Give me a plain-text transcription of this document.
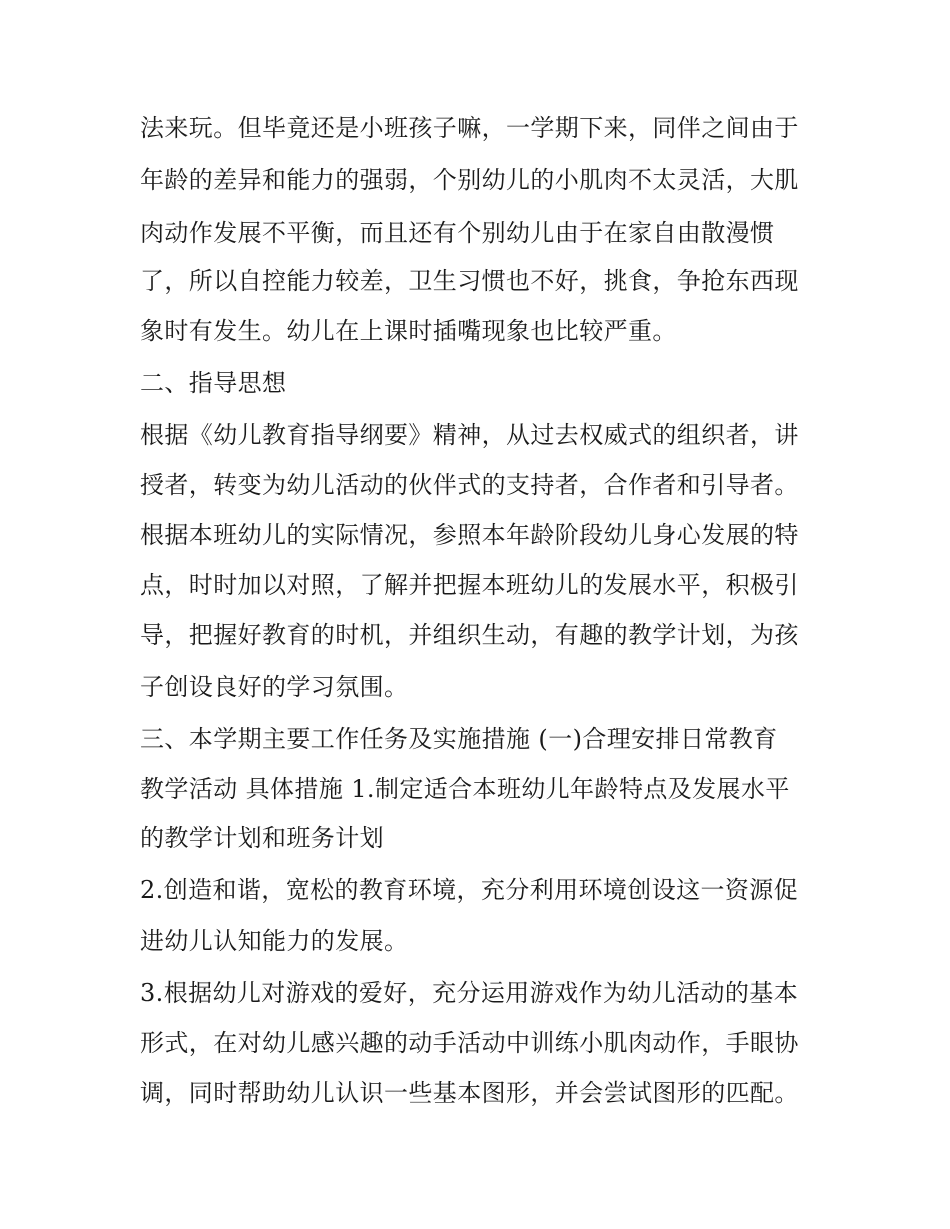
法来玩。但毕竟还是小班孩子嘛，一学期下来，同伴之间由于
年龄的差异和能力的强弱，个别幼儿的小肌肉不太灵活，大肌
肉动作发展不平衡，而且还有个别幼儿由于在家自由散漫惯
了，所以自控能力较差，卫生习惯也不好，挑食，争抢东西现
象时有发生。幼儿在上课时插嘴现象也比较严重。
二、指导思想
根据《幼儿教育指导纲要》精神，从过去权威式的组织者，讲
授者，转变为幼儿活动的伙伴式的支持者，合作者和引导者。
根据本班幼儿的实际情况，参照本年龄阶段幼儿身心发展的特
点，时时加以对照，了解并把握本班幼儿的发展水平，积极引
导，把握好教育的时机，并组织生动，有趣的教学计划，为孩
子创设良好的学习氛围。
三、本学期主要工作任务及实施措施 (一)合理安排日常教育
教学活动 具体措施 1.制定适合本班幼儿年龄特点及发展水平
的教学计划和班务计划
2.创造和谐，宽松的教育环境，充分利用环境创设这一资源促
进幼儿认知能力的发展。
3.根据幼儿对游戏的爱好，充分运用游戏作为幼儿活动的基本
形式，在对幼儿感兴趣的动手活动中训练小肌肉动作，手眼协
调，同时帮助幼儿认识一些基本图形，并会尝试图形的匹配。
